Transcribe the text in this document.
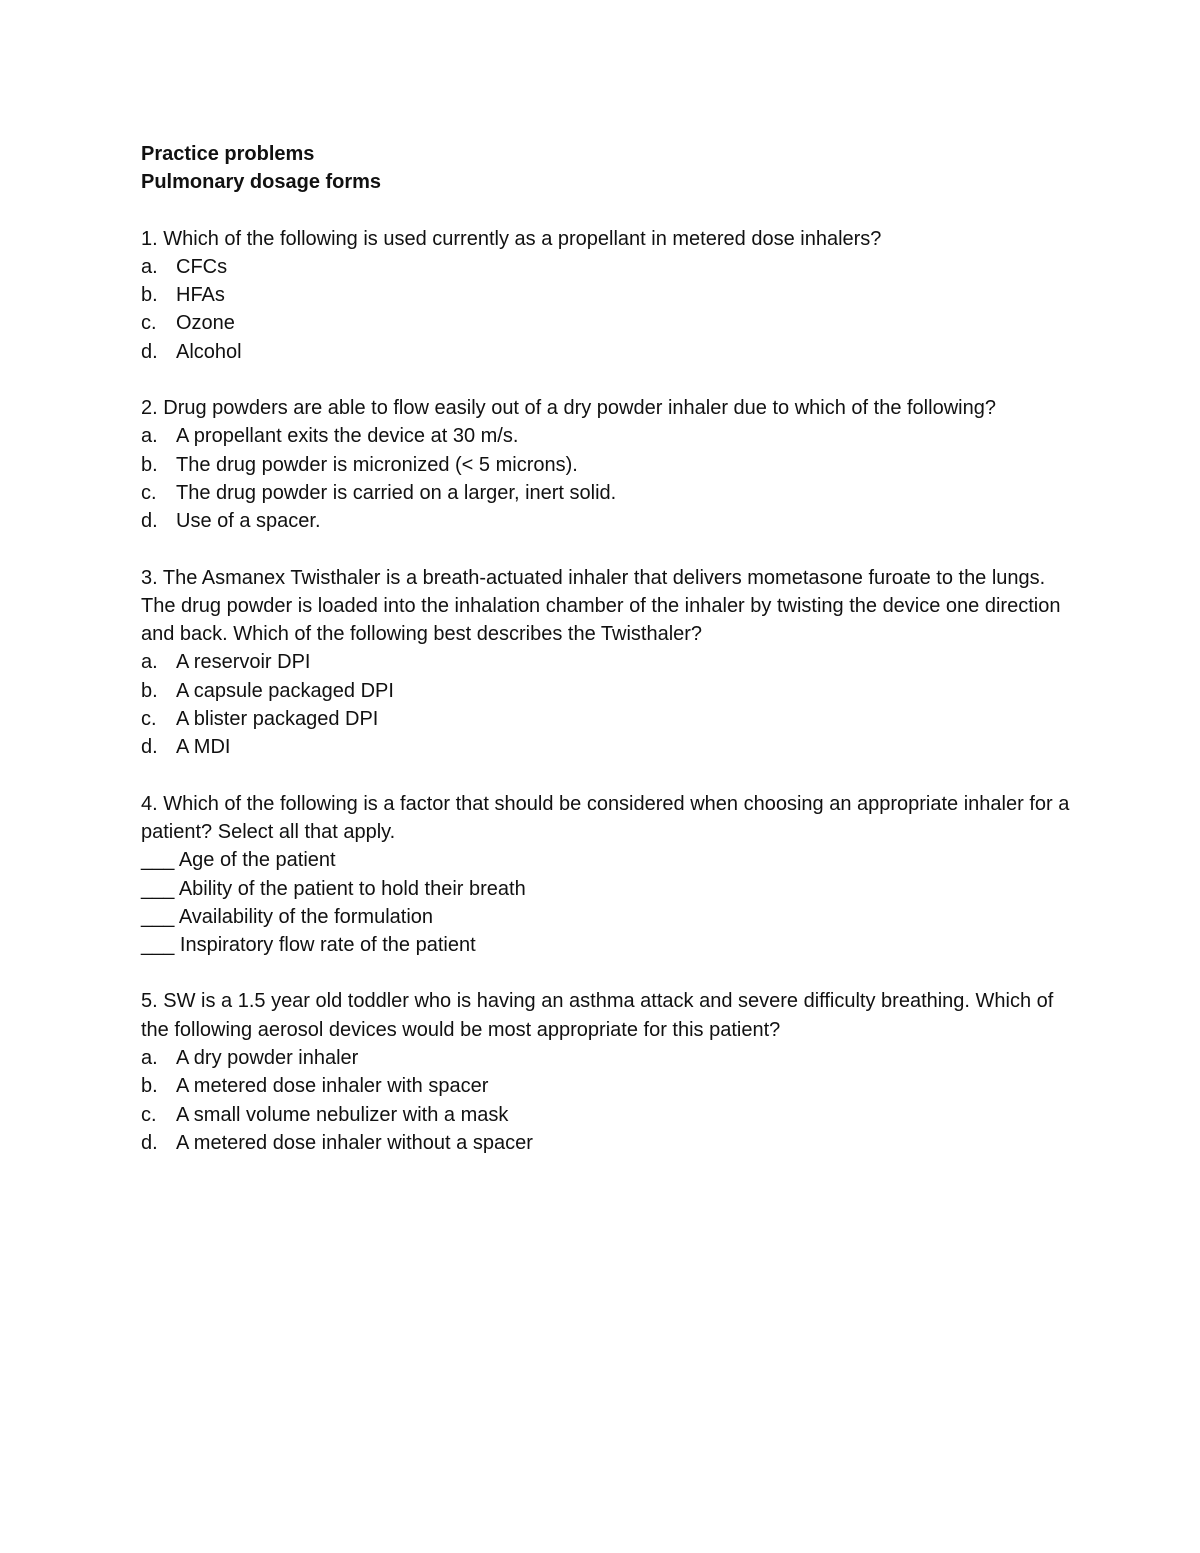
Practice problems

Pulmonary dosage forms

1. Which of the following is used currently as a propellant in metered dose inhalers?

a. CFCs
b. HFAs
c. Ozone
d. Alcohol

2. Drug powders are able to flow easily out of a dry powder inhaler due to which of the following?

a. A propellant exits the device at 30 m/s.
b. The drug powder is micronized (< 5 microns).
c. The drug powder is carried on a larger, inert solid.
d. Use of a spacer.

3. The Asmanex Twisthaler is a breath-actuated inhaler that delivers mometasone furoate to the lungs. The drug powder is loaded into the inhalation chamber of the inhaler by twisting the device one direction and back. Which of the following best describes the Twisthaler?

a. A reservoir DPI
b. A capsule packaged DPI
c. A blister packaged DPI
d. A MDI

4. Which of the following is a factor that should be considered when choosing an appropriate inhaler for a patient? Select all that apply.

___ Age of the patient
___ Ability of the patient to hold their breath
___ Availability of the formulation
___ Inspiratory flow rate of the patient

5. SW is a 1.5 year old toddler who is having an asthma attack and severe difficulty breathing. Which of the following aerosol devices would be most appropriate for this patient?

a. A dry powder inhaler
b. A metered dose inhaler with spacer
c. A small volume nebulizer with a mask
d. A metered dose inhaler without a spacer
